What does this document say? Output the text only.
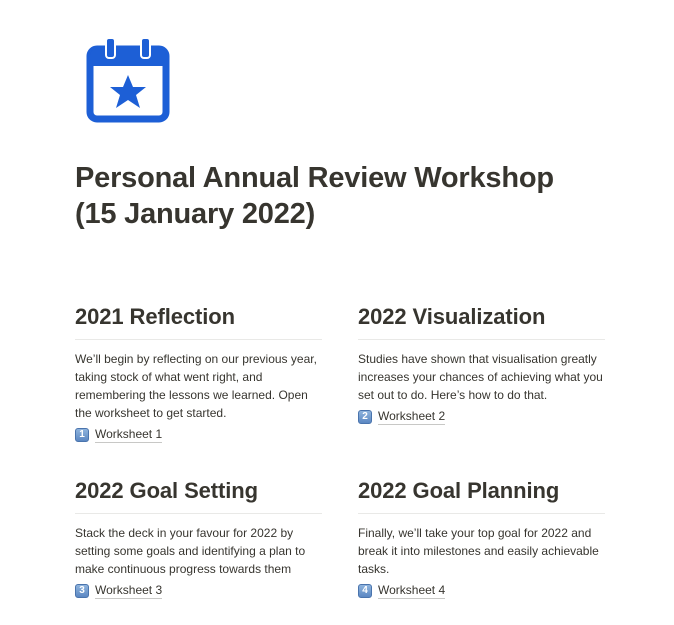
Personal Annual Review Workshop
(15 January 2022)
2021 Reflection

We’ll begin by reflecting on our previous year, taking stock of what went right, and remembering the lessons we learned. Open the worksheet to get started.

1 Worksheet 1
2022 Visualization

Studies have shown that visualisation greatly increases your chances of achieving what you set out to do. Here’s how to do that.

2 Worksheet 2
2022 Goal Setting

Stack the deck in your favour for 2022 by setting some goals and identifying a plan to make continuous progress towards them

3 Worksheet 3
2022 Goal Planning

Finally, we’ll take your top goal for 2022 and break it into milestones and easily achievable tasks.

4 Worksheet 4
